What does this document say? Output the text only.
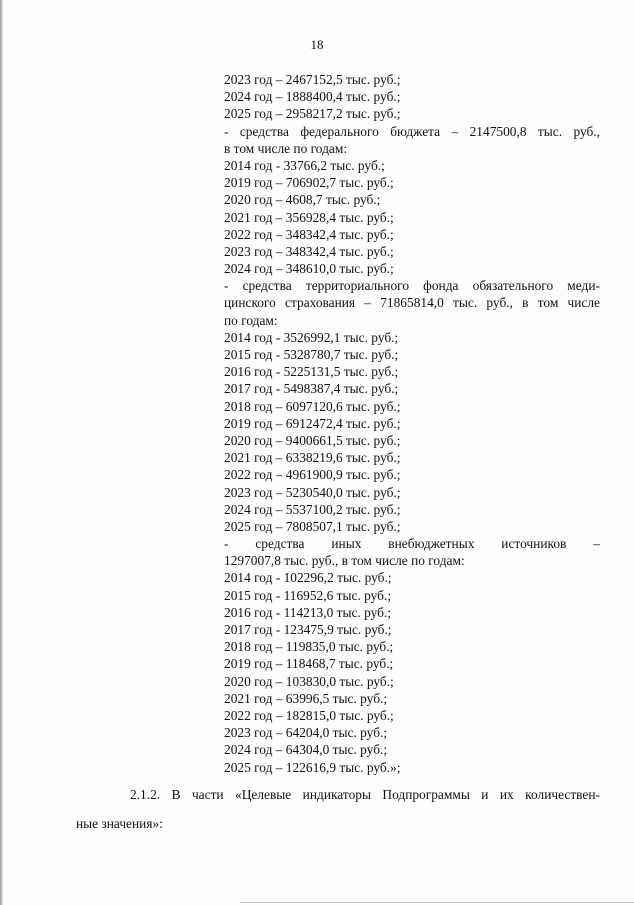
18
2023 год – 2467152,5 тыс. руб.;
2024 год – 1888400,4 тыс. руб.;
2025 год – 2958217,2 тыс. руб.;
- средства федерального бюджета – 2147500,8 тыс. руб.,
в том числе по годам:
2014 год - 33766,2 тыс. руб.;
2019 год – 706902,7 тыс. руб.;
2020 год – 4608,7 тыс. руб.;
2021 год – 356928,4 тыс. руб.;
2022 год – 348342,4 тыс. руб.;
2023 год – 348342,4 тыс. руб.;
2024 год – 348610,0 тыс. руб.;
- средства территориального фонда обязательного меди-
цинского страхования – 71865814,0 тыс. руб., в том числе
по годам:
2014 год - 3526992,1 тыс. руб.;
2015 год - 5328780,7 тыс. руб.;
2016 год - 5225131,5 тыс. руб.;
2017 год - 5498387,4 тыс. руб.;
2018 год – 6097120,6 тыс. руб.;
2019 год – 6912472,4 тыс. руб.;
2020 год – 9400661,5 тыс. руб.;
2021 год – 6338219,6 тыс. руб.;
2022 год – 4961900,9 тыс. руб.;
2023 год – 5230540,0 тыс. руб.;
2024 год – 5537100,2 тыс. руб.;
2025 год – 7808507,1 тыс. руб.;
- средства иных внебюджетных источников –
1297007,8 тыс. руб., в том числе по годам:
2014 год - 102296,2 тыс. руб.;
2015 год - 116952,6 тыс. руб.;
2016 год - 114213,0 тыс. руб.;
2017 год - 123475,9 тыс. руб.;
2018 год – 119835,0 тыс. руб.;
2019 год – 118468,7 тыс. руб.;
2020 год – 103830,0 тыс. руб.;
2021 год – 63996,5 тыс. руб.;
2022 год – 182815,0 тыс. руб.;
2023 год – 64204,0 тыс. руб.;
2024 год – 64304,0 тыс. руб.;
2025 год – 122616,9 тыс. руб.»;
2.1.2. В части «Целевые индикаторы Подпрограммы и их количествен-
ные значения»:
